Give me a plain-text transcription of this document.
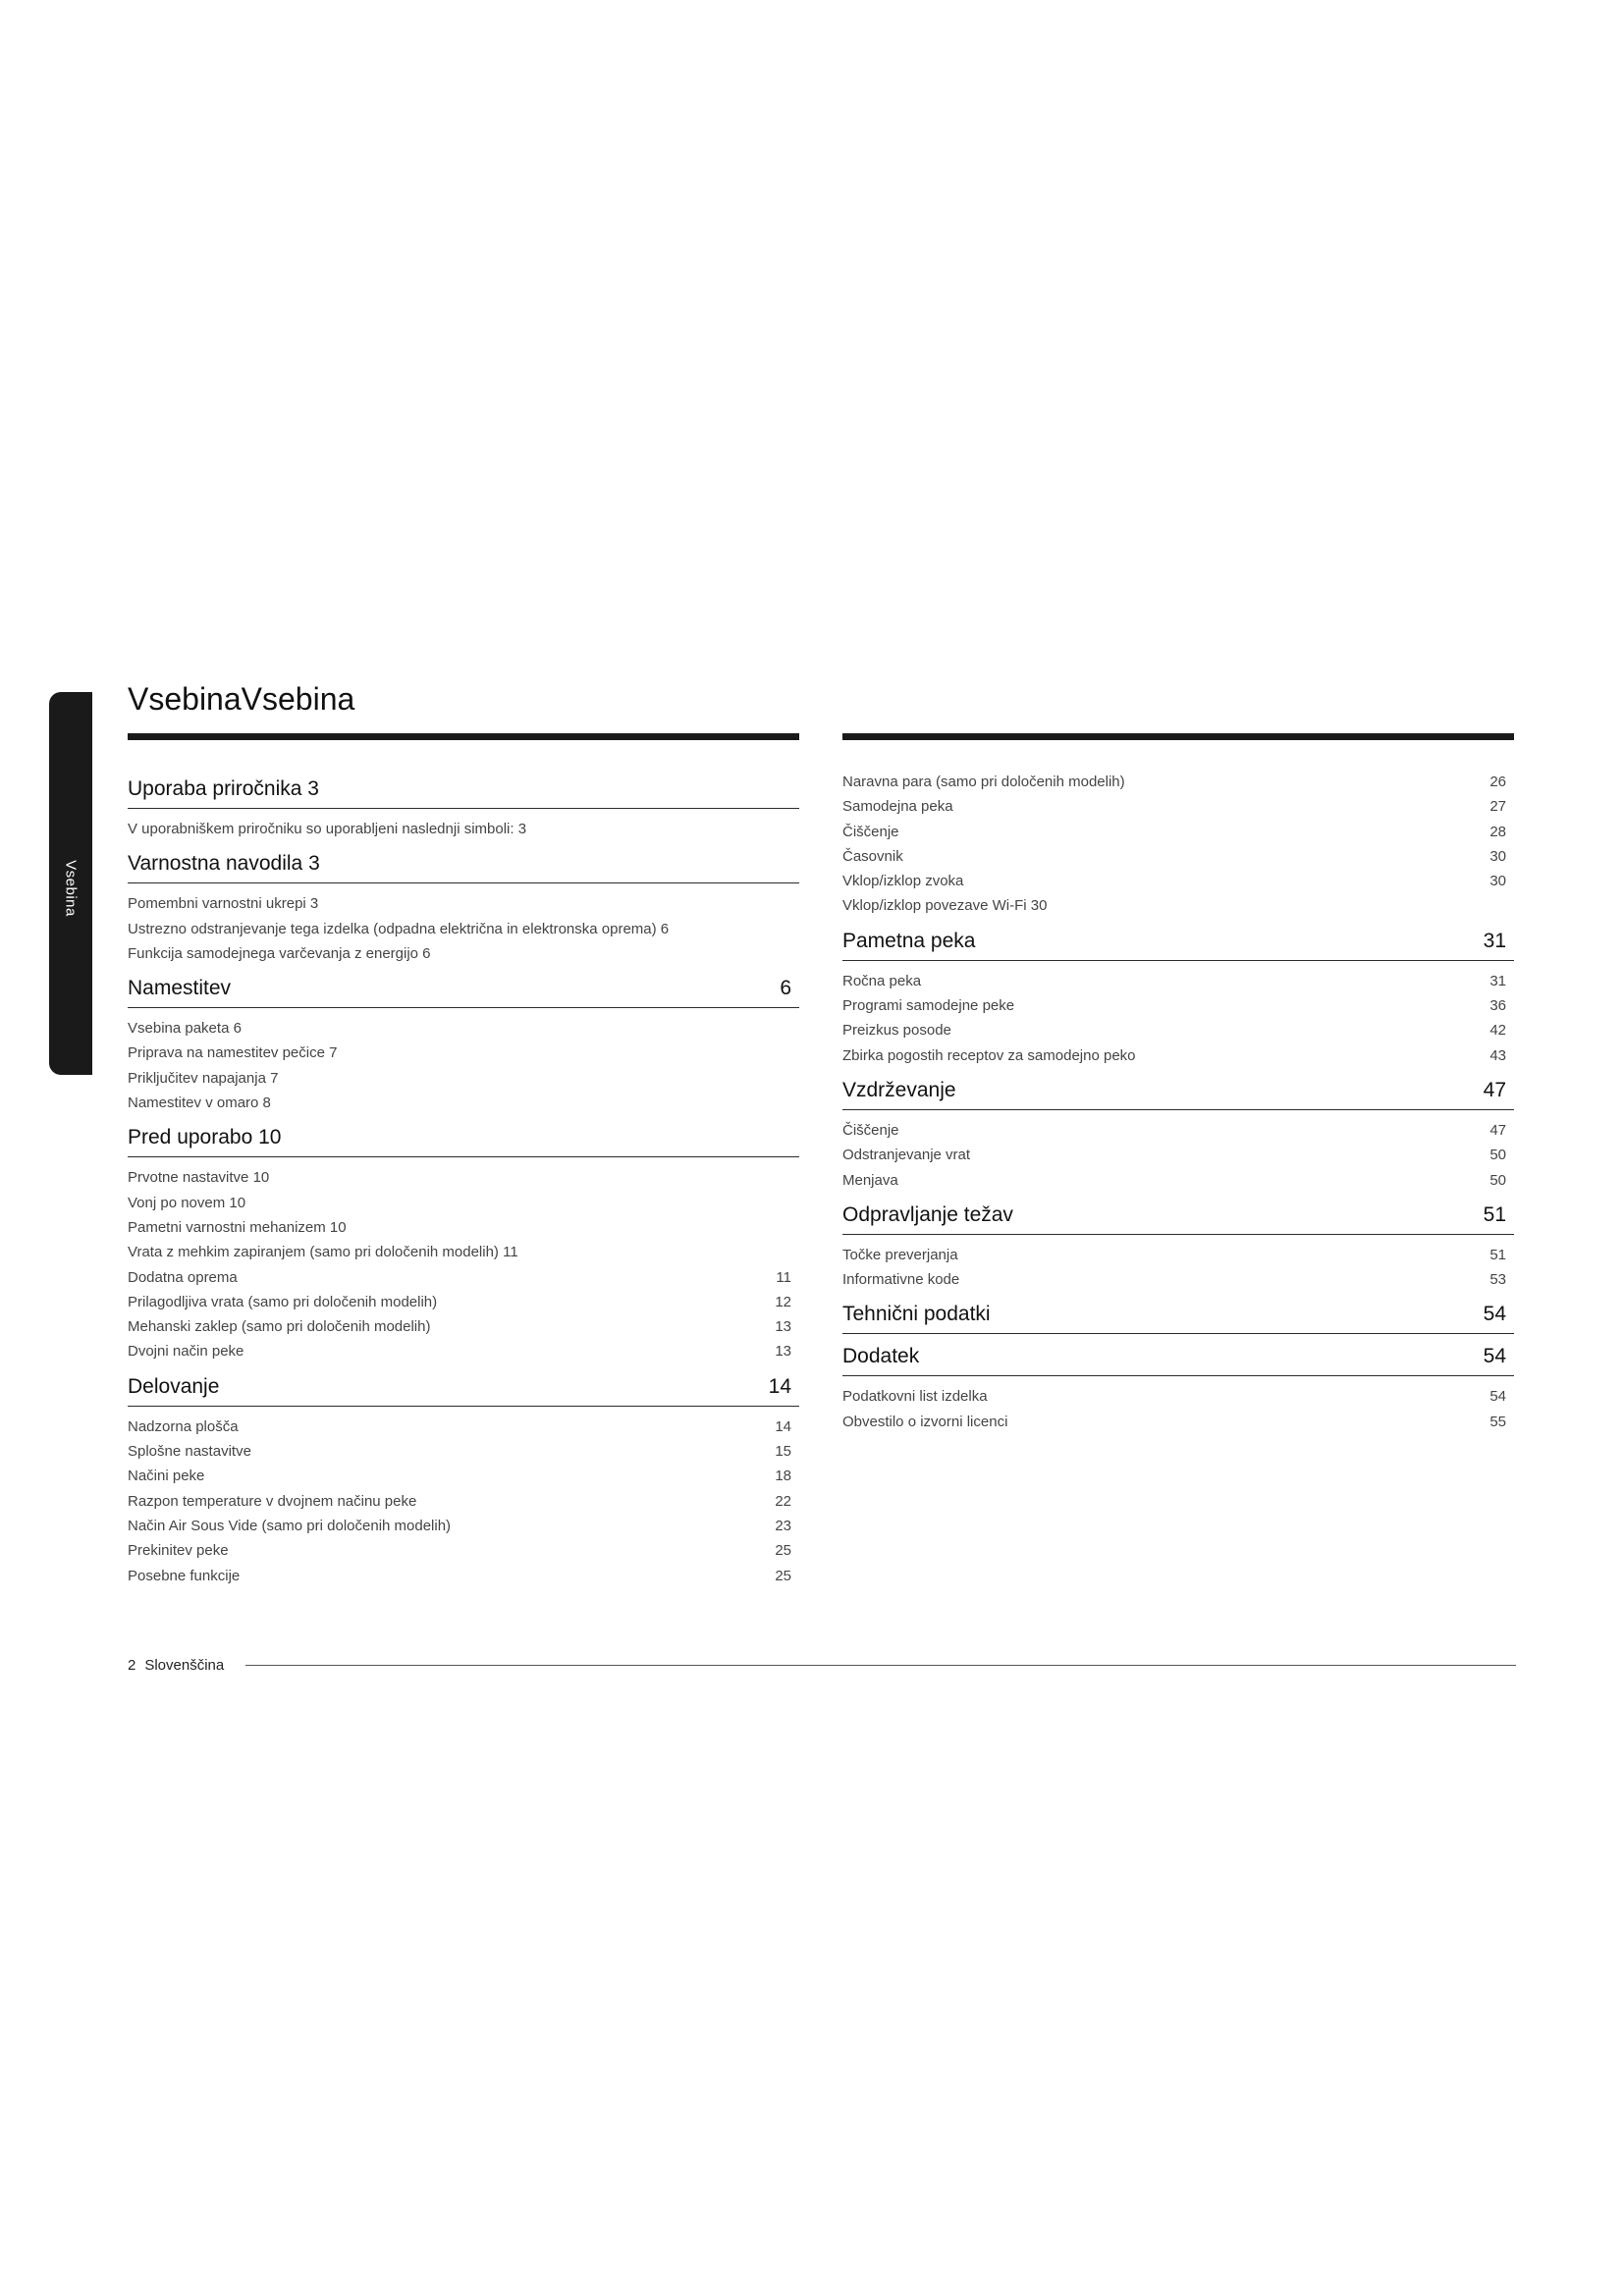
Vsebina
VsebinaVsebina
Uporaba priročnika 3
V uporabniškem priročniku so uporabljeni naslednji simboli: 3
Varnostna navodila 3
Pomembni varnostni ukrepi 3
Ustrezno odstranjevanje tega izdelka (odpadna električna in elektronska oprema) 6
Funkcija samodejnega varčevanja z energijo 6
Namestitev	6
Vsebina paketa 6
Priprava na namestitev pečice 7
Priključitev napajanja 7
Namestitev v omaro 8
Pred uporabo 10
Prvotne nastavitve 10
Vonj po novem 10
Pametni varnostni mehanizem 10
Vrata z mehkim zapiranjem (samo pri določenih modelih) 11
Dodatna oprema	11
Prilagodljiva vrata (samo pri določenih modelih)	12
Mehanski zaklep (samo pri določenih modelih)	13
Dvojni način peke	13
Delovanje	14
Nadzorna plošča	14
Splošne nastavitve	15
Načini peke	18
Razpon temperature v dvojnem načinu peke	22
Način Air Sous Vide (samo pri določenih modelih)	23
Prekinitev peke	25
Posebne funkcije	25
Naravna para (samo pri določenih modelih)	26
Samodejna peka	27
Čiščenje	28
Časovnik	30
Vklop/izklop zvoka	30
Vklop/izklop povezave Wi-Fi 30
Pametna peka	31
Ročna peka	31
Programi samodejne peke	36
Preizkus posode	42
Zbirka pogostih receptov za samodejno peko	43
Vzdrževanje	47
Čiščenje	47
Odstranjevanje vrat	50
Menjava	50
Odpravljanje težav	51
Točke preverjanja	51
Informativne kode	53
Tehnični podatki	54
Dodatek	54
Podatkovni list izdelka	54
Obvestilo o izvorni licenci	55
2 Slovenščina
